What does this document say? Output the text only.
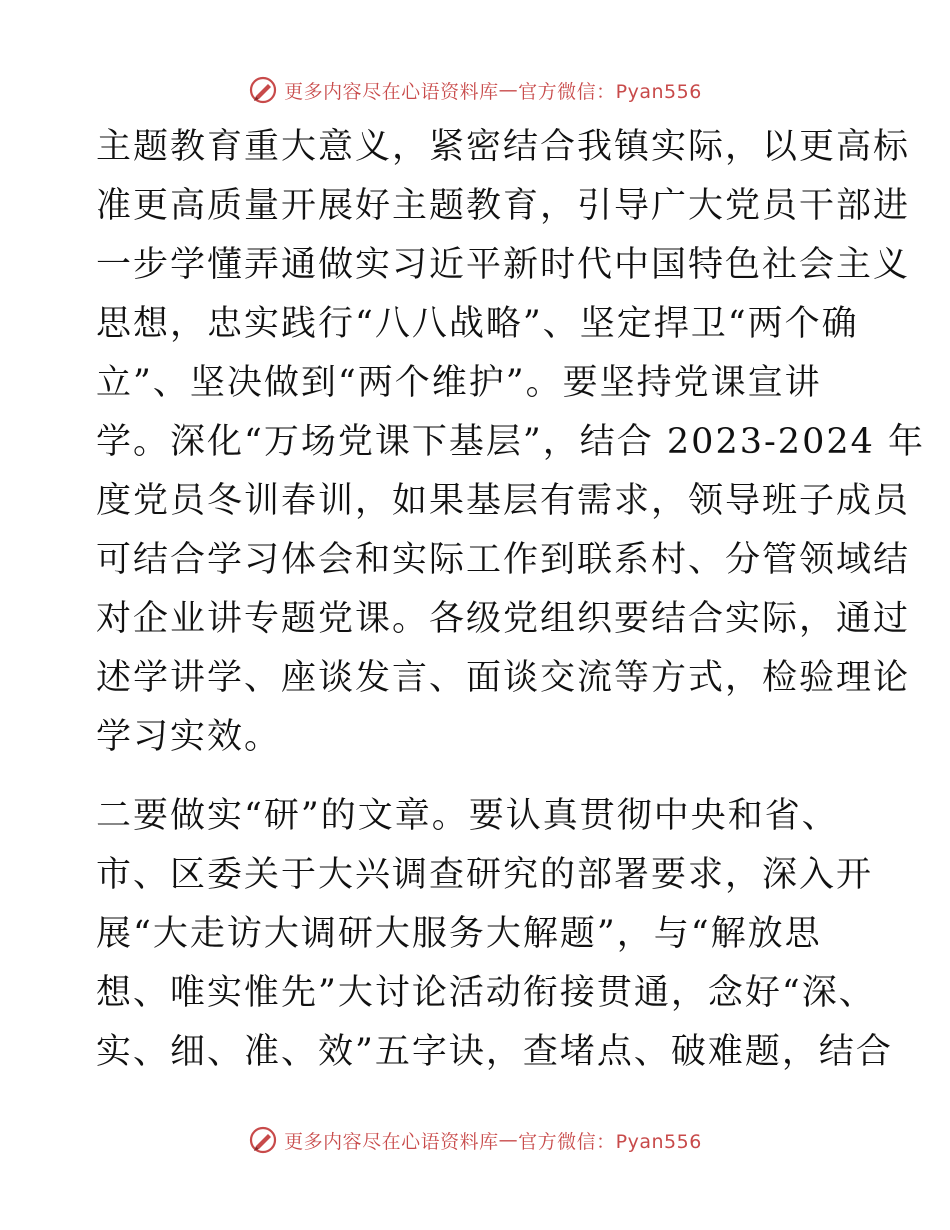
更多内容尽在心语资料库 — 官方微信：Pyan556

主题教育重大意义，紧密结合我镇实际，以更高标
准更高质量开展好主题教育，引导广大党员干部进
一步学懂弄通做实习近平新时代中国特色社会主义
思想，忠实践行“八八战略”、坚定捍卫“两个确
立”、坚决做到“两个维护”。要坚持党课宣讲
学。深化“万场党课下基层”，结合 2023-2024 年
度党员冬训春训，如果基层有需求，领导班子成员
可结合学习体会和实际工作到联系村、分管领域结
对企业讲专题党课。各级党组织要结合实际，通过
述学讲学、座谈发言、面谈交流等方式，检验理论
学习实效。

二要做实“研”的文章。要认真贯彻中央和省、
市、区委关于大兴调查研究的部署要求，深入开
展“大走访大调研大服务大解题”，与“解放思
想、唯实惟先”大讨论活动衔接贯通，念好“深、
实、细、准、效”五字诀，查堵点、破难题，结合

更多内容尽在心语资料库 — 官方微信：Pyan556
